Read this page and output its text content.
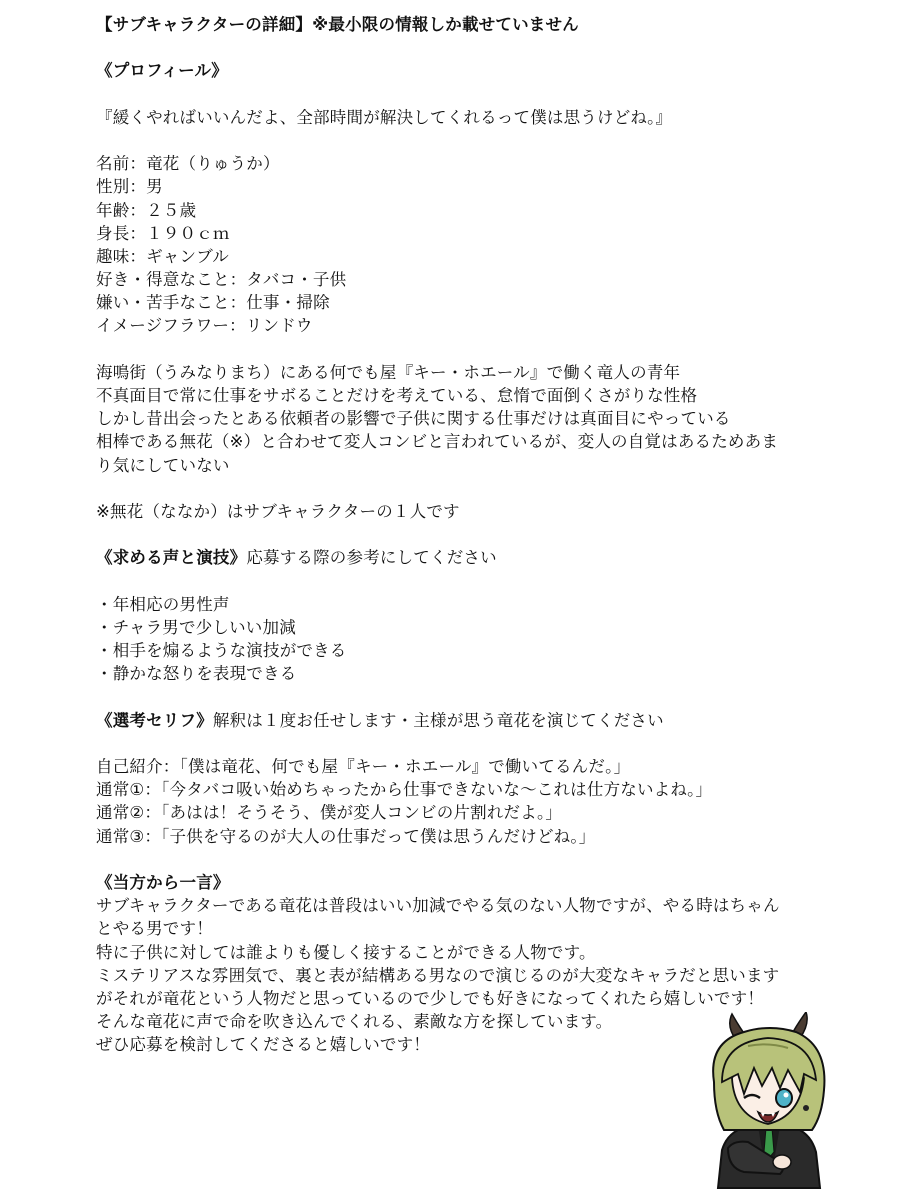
【サブキャラクターの詳細】※最小限の情報しか載せていません
《プロフィール》
『緩くやればいいんだよ、全部時間が解決してくれるって僕は思うけどね。』
名前：竜花（りゅうか）
性別：男
年齢：２５歳
身長：１９０ｃｍ
趣味：ギャンブル
好き・得意なこと：タバコ・子供
嫌い・苦手なこと：仕事・掃除
イメージフラワー：リンドウ
海鳴街（うみなりまち）にある何でも屋『キー・ホエール』で働く竜人の青年
不真面目で常に仕事をサボることだけを考えている、怠惰で面倒くさがりな性格
しかし昔出会ったとある依頼者の影響で子供に関する仕事だけは真面目にやっている
相棒である無花（※）と合わせて変人コンビと言われているが、変人の自覚はあるためあま
り気にしていない
※無花（ななか）はサブキャラクターの１人です
《求める声と演技》応募する際の参考にしてください
・年相応の男性声
・チャラ男で少しいい加減
・相手を煽るような演技ができる
・静かな怒りを表現できる
《選考セリフ》解釈は１度お任せします・主様が思う竜花を演じてください
自己紹介：「僕は竜花、何でも屋『キー・ホエール』で働いてるんだ。」
通常①：「今タバコ吸い始めちゃったから仕事できないな〜これは仕方ないよね。」
通常②：「あはは！そうそう、僕が変人コンビの片割れだよ。」
通常③：「子供を守るのが大人の仕事だって僕は思うんだけどね。」
《当方から一言》
サブキャラクターである竜花は普段はいい加減でやる気のない人物ですが、やる時はちゃん
とやる男です！
特に子供に対しては誰よりも優しく接することができる人物です。
ミステリアスな雰囲気で、裏と表が結構ある男なので演じるのが大変なキャラだと思います
がそれが竜花という人物だと思っているので少しでも好きになってくれたら嬉しいです！
そんな竜花に声で命を吹き込んでくれる、素敵な方を探しています。
ぜひ応募を検討してくださると嬉しいです！
